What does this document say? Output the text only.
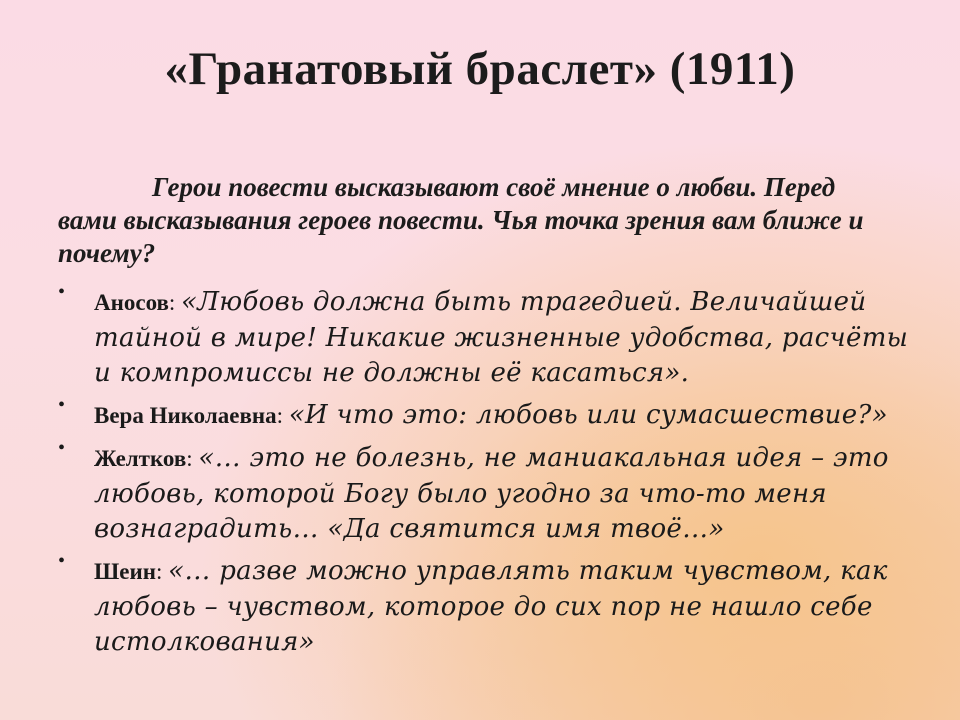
«Гранатовый браслет» (1911)
Герои повести высказывают своё мнение о любви. Перед вами высказывания героев повести. Чья точка зрения вам ближе и почему?
• Аносов: «Любовь должна быть трагедией. Величайшей тайной в мире! Никакие жизненные удобства, расчёты и компромиссы не должны её касаться».
• Вера Николаевна: «И что это: любовь или сумасшествие?»
• Желтков: «… это не болезнь, не маниакальная идея – это любовь, которой Богу было угодно за что-то меня вознаградить… «Да святится имя твоё…»
• Шеин: «… разве можно управлять таким чувством, как любовь – чувством, которое до сих пор не нашло себе истолкования»
